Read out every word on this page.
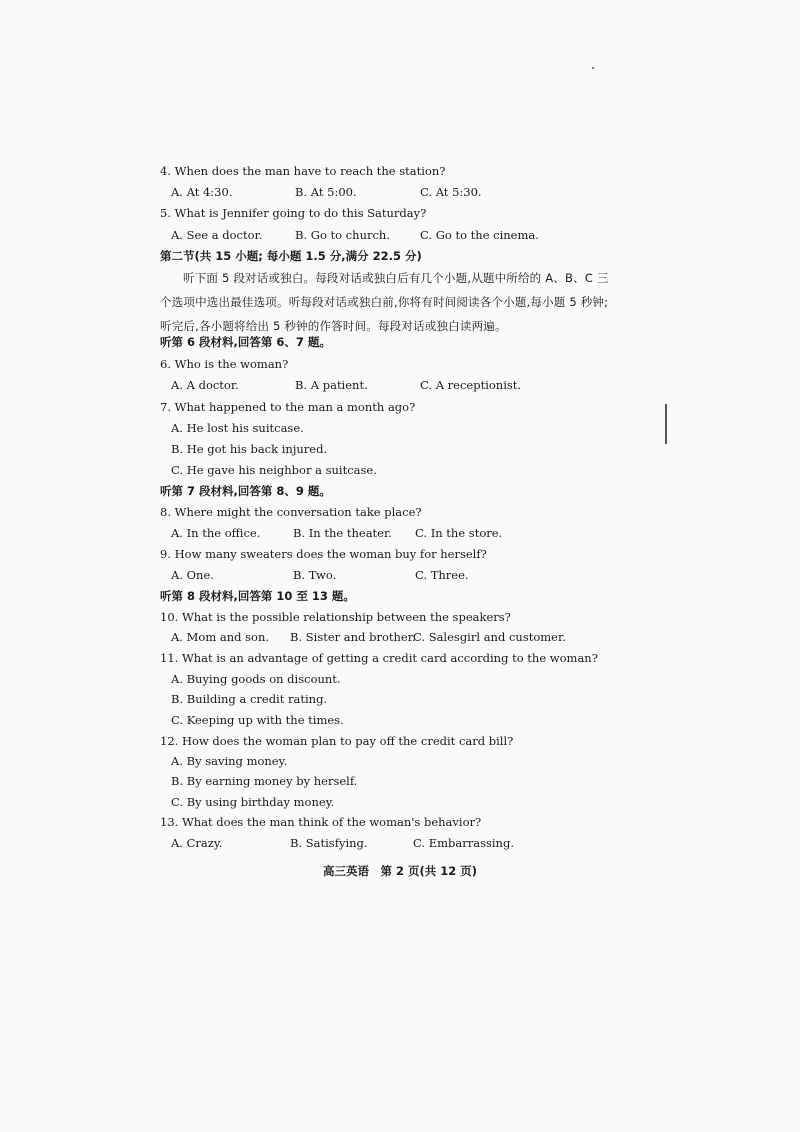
4. When does the man have to reach the station?
A. At 4:30.	B. At 5:00.	C. At 5:30.
5. What is Jennifer going to do this Saturday?
A. See a doctor.	B. Go to church.	C. Go to the cinema.
第二节(共 15 小题; 每小题 1.5 分,满分 22.5 分)
听下面 5 段对话或独白。每段对话或独白后有几个小题,从题中所给的 A、B、C 三个选项中选出最佳选项。听每段对话或独白前,你将有时间阅读各个小题,每小题 5 秒钟;听完后,各小题将给出 5 秒钟的作答时间。每段对话或独白读两遍。
听第 6 段材料,回答第 6、7 题。
6. Who is the woman?
A. A doctor.	B. A patient.	C. A receptionist.
7. What happened to the man a month ago?
A. He lost his suitcase.
B. He got his back injured.
C. He gave his neighbor a suitcase.
听第 7 段材料,回答第 8、9 题。
8. Where might the conversation take place?
A. In the office.	B. In the theater. C. In the store.
9. How many sweaters does the woman buy for herself?
A. One.	B. Two.	C. Three.
听第 8 段材料,回答第 10 至 13 题。
10. What is the possible relationship between the speakers?
A. Mom and son. B. Sister and brother.
C. Salesgirl and customer.
11. What is an advantage of getting a credit card according to the woman?
A. Buying goods on discount.
B. Building a credit rating.
C. Keeping up with the times.
12. How does the woman plan to pay off the credit card bill?
A. By saving money.
B. By earning money by herself.
C. By using birthday money.
13. What does the man think of the woman's behavior?
A. Crazy.	B. Satisfying.	C. Embarrassing.
高三英语　第 2 页(共 12 页)
